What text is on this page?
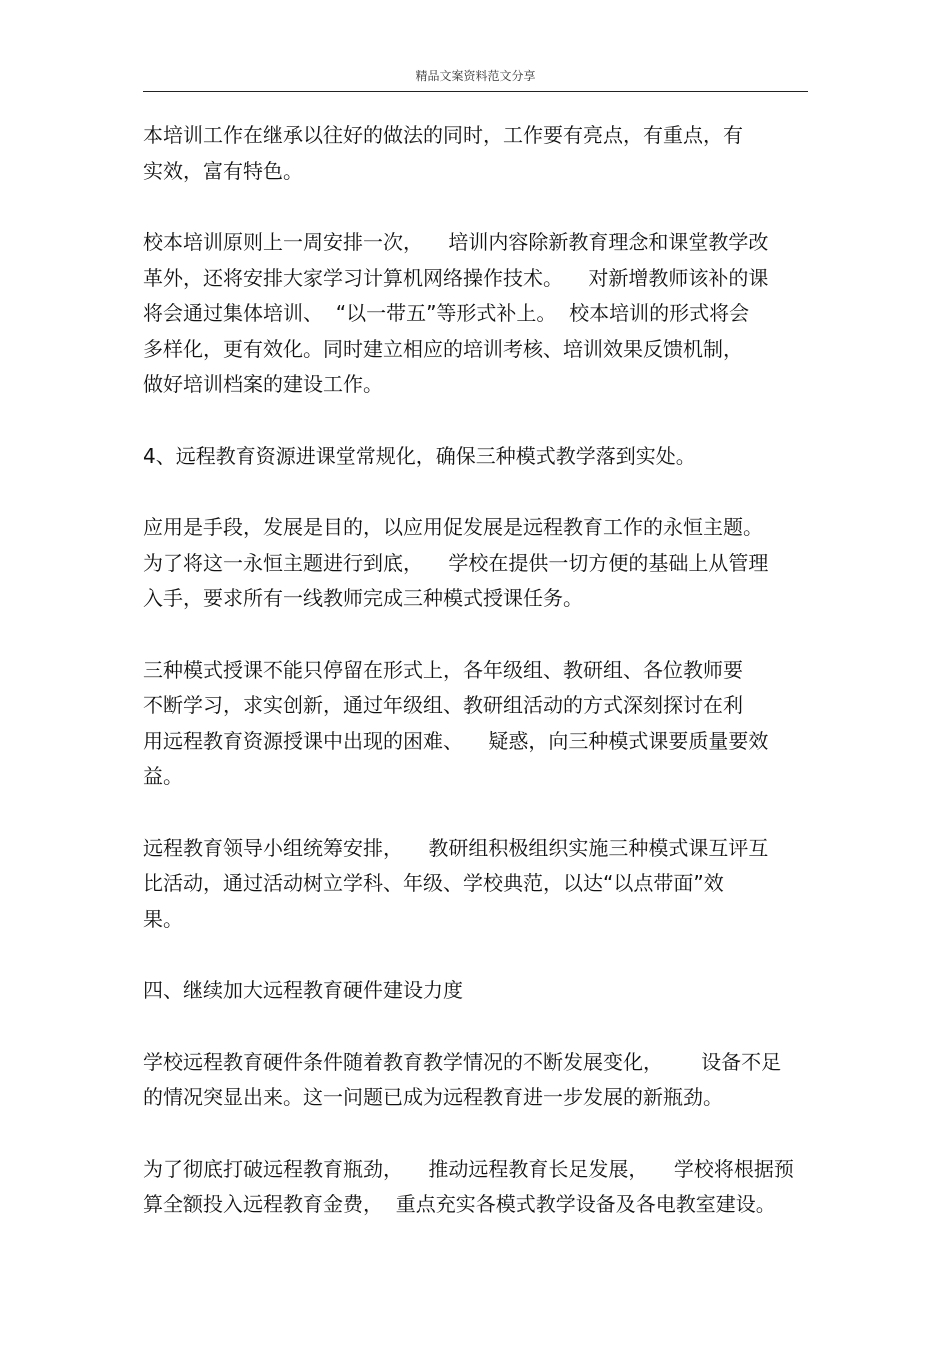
精品文案资料范文分享
本培训工作在继承以往好的做法的同时，工作要有亮点，有重点，有
实效，富有特色。
校本培训原则上一周安排一次，    培训内容除新教育理念和课堂教学改
革外，还将安排大家学习计算机网络操作技术。    对新增教师该补的课
将会通过集体培训、  “以一带五”等形式补上。  校本培训的形式将会
多样化，更有效化。同时建立相应的培训考核、培训效果反馈机制，
做好培训档案的建设工作。
4、远程教育资源进课堂常规化，确保三种模式教学落到实处。
应用是手段，发展是目的，以应用促发展是远程教育工作的永恒主题。
为了将这一永恒主题进行到底，    学校在提供一切方便的基础上从管理
入手，要求所有一线教师完成三种模式授课任务。
三种模式授课不能只停留在形式上，各年级组、教研组、各位教师要
不断学习，求实创新，通过年级组、教研组活动的方式深刻探讨在利
用远程教育资源授课中出现的困难、    疑惑，向三种模式课要质量要效
益。
远程教育领导小组统筹安排，    教研组积极组织实施三种模式课互评互
比活动，通过活动树立学科、年级、学校典范，以达“以点带面”效
果。
四、继续加大远程教育硬件建设力度
学校远程教育硬件条件随着教育教学情况的不断发展变化，      设备不足
的情况突显出来。这一问题已成为远程教育进一步发展的新瓶劲。
为了彻底打破远程教育瓶劲，    推动远程教育长足发展，    学校将根据预
算全额投入远程教育金费，  重点充实各模式教学设备及各电教室建设。
